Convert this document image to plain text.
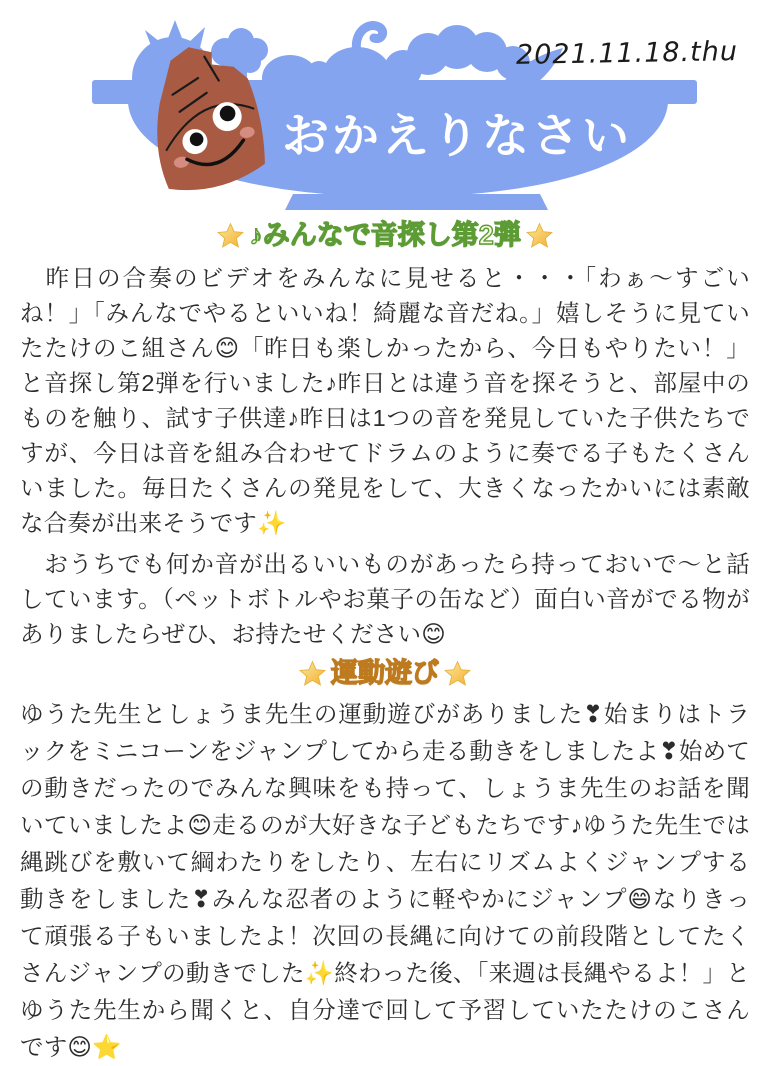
2021.11.18.thu
おかえりなさい
♪みんなで音探し第2弾
　昨日の合奏のビデオをみんなに見せると・・・「わぁ～すごいね！」「みんなでやるといいね！綺麗な音だね。」嬉しそうに見ていたたけのこ組さん😊「昨日も楽しかったから、今日もやりたい！」と音探し第2弾を行いました♪昨日とは違う音を探そうと、部屋中のものを触り、試す子供達♪昨日は1つの音を発見していた子供たちですが、今日は音を組み合わせてドラムのように奏でる子もたくさんいました。毎日たくさんの発見をして、大きくなったかいには素敵な合奏が出来そうです✨
　おうちでも何か音が出るいいものがあったら持っておいで～と話しています。（ペットボトルやお菓子の缶など）面白い音がでる物がありましたらぜひ、お持たせください😊
運動遊び
ゆうた先生としょうま先生の運動遊びがありました❣始まりはトラックをミニコーンをジャンプしてから走る動きをしましたよ❣始めての動きだったのでみんな興味をも持って、しょうま先生のお話を聞いていましたよ😊走るのが大好きな子どもたちです♪ゆうた先生では縄跳びを敷いて綱わたりをしたり、左右にリズムよくジャンプする動きをしました❣みんな忍者のように軽やかにジャンプ😄なりきって頑張る子もいましたよ！次回の長縄に向けての前段階としてたくさんジャンプの動きでした✨終わった後、「来週は長縄やるよ！」とゆうた先生から聞くと、自分達で回して予習していたたけのこさんです😊⭐
